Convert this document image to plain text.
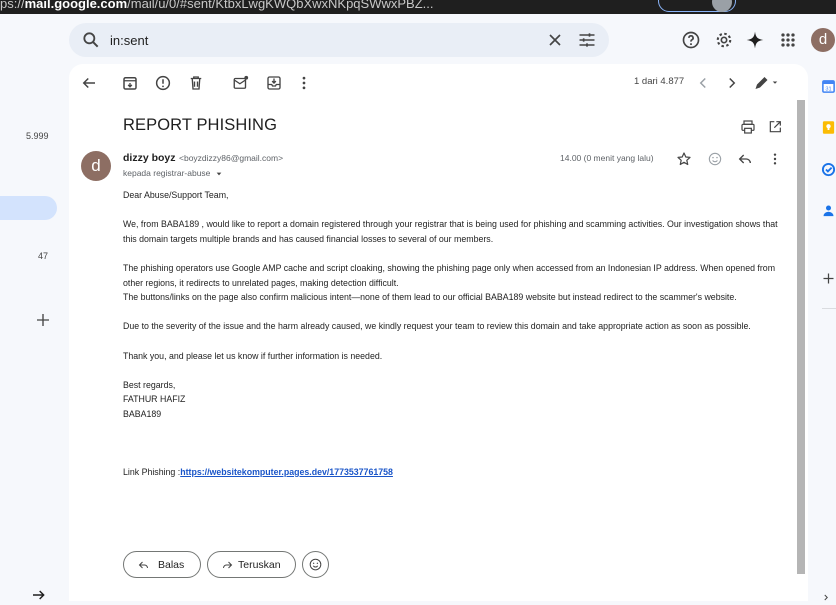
ps://mail.google.com/mail/u/0/#sent/KtbxLwgKWQbXwxNKpqSWwxPBZ...
in:sent	d
5.999
47
1 dari 4.877
REPORT PHISHING
d	dizzy boyz <boyzdizzy86@gmail.com>
kepada registrar-abuse
14.00 (0 menit yang lalu)

Dear Abuse/Support Team,

We, from BABA189 , would like to report a domain registered through your registrar that is being used for phishing and scamming activities. Our investigation shows that this domain targets multiple brands and has caused financial losses to several of our members.

The phishing operators use Google AMP cache and script cloaking, showing the phishing page only when accessed from an Indonesian IP address. When opened from other regions, it redirects to unrelated pages, making detection difficult.

The buttons/links on the page also confirm malicious intent—none of them lead to our official BABA189 website but instead redirect to the scammer's website.

Due to the severity of the issue and the harm already caused, we kindly request your team to review this domain and take appropriate action as soon as possible.

Thank you, and please let us know if further information is needed.

Best regards,
FATHUR HAFIZ
BABA189
Link Phishing :https://websitekomputer.pages.dev/1773537761758
Balas	Teruskan
31
